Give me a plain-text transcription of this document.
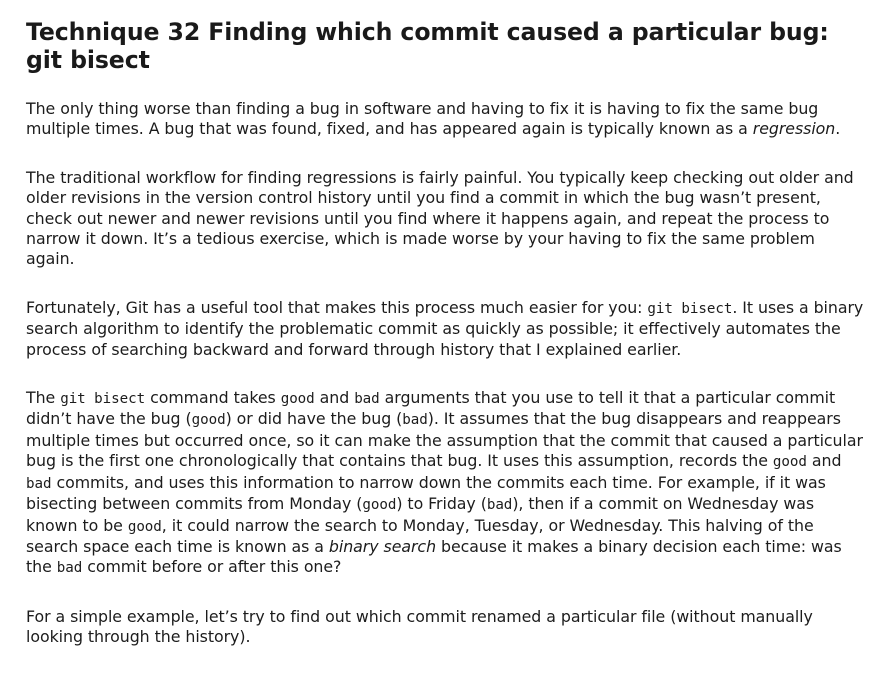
Technique 32 Finding which commit caused a particular bug: git bisect

The only thing worse than finding a bug in software and having to fix it is having to fix the same bug multiple times. A bug that was found, fixed, and has appeared again is typically known as a regression.

The traditional workflow for finding regressions is fairly painful. You typically keep checking out older and older revisions in the version control history until you find a commit in which the bug wasn’t present, check out newer and newer revisions until you find where it happens again, and repeat the process to narrow it down. It’s a tedious exercise, which is made worse by your having to fix the same problem again.

Fortunately, Git has a useful tool that makes this process much easier for you: git bisect. It uses a binary search algorithm to identify the problematic commit as quickly as possible; it effectively automates the process of searching backward and forward through history that I explained earlier.

The git bisect command takes good and bad arguments that you use to tell it that a particular commit didn’t have the bug (good) or did have the bug (bad). It assumes that the bug disappears and reappears multiple times but occurred once, so it can make the assumption that the commit that caused a particular bug is the first one chronologically that contains that bug. It uses this assumption, records the good and bad commits, and uses this information to narrow down the commits each time. For example, if it was bisecting between commits from Monday (good) to Friday (bad), then if a commit on Wednesday was known to be good, it could narrow the search to Monday, Tuesday, or Wednesday. This halving of the search space each time is known as a binary search because it makes a binary decision each time: was the bad commit before or after this one?

For a simple example, let’s try to find out which commit renamed a particular file (without manually looking through the history).
